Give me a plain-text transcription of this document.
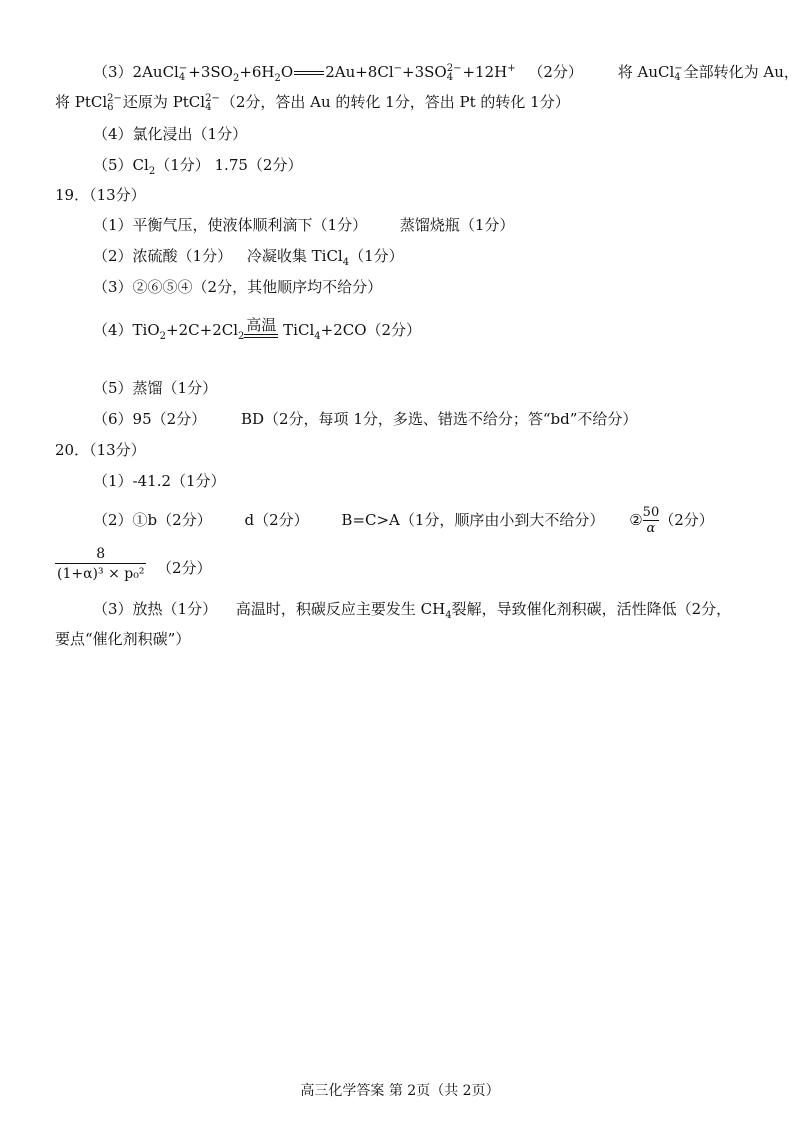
（3）2AuCl −
$4 +3SO_2+6H_2O$ 2Au+8Cl−+3SO 2−
4 +12H+ （2分） 将 AuCl −
4 全部转化为 Au，
将 PtCl 2−
6 还原为 PtCl 2−
4 （2分，答出 Au 的转化 1分，答出 Pt 的转化 1分）
（4）氯化浸出（1分）
$(5)Cl_2(1$分） 1.75（2分）
19．（13分）
（1）平衡气压，使液体顺利滴下（1分） 蒸馏烧瓶（1分）
（2）浓硫酸（1分） 冷凝收集 TiCl$_4$（1分）
（3）②⑥⑤④（2分，其他顺序均不给分）
$(4)TiO_2+2C+2Cl_2$
高温 TiCl$_4$+2CO（2分）
（5）蒸馏（1分）
（6）95（2分） BD（2分，每项 1分，多选、错选不给分；答“bd”不给分）
20．（13分）
（1）-41.2（1分）
（2）①b（2分） d（2分） B=C>A（1分，顺序由小到大不给分） ② $\frac{50}{\alpha} (2$分）
8
(1+α)³ × p₀² （2分）
（3）放热（1分） 高温时，积碳反应主要发生 $CH_4$裂解，导致催化剂积碳，活性降低（2分，
要点“催化剂积碳”）
高三化学答案 第 2页（共 2页）
